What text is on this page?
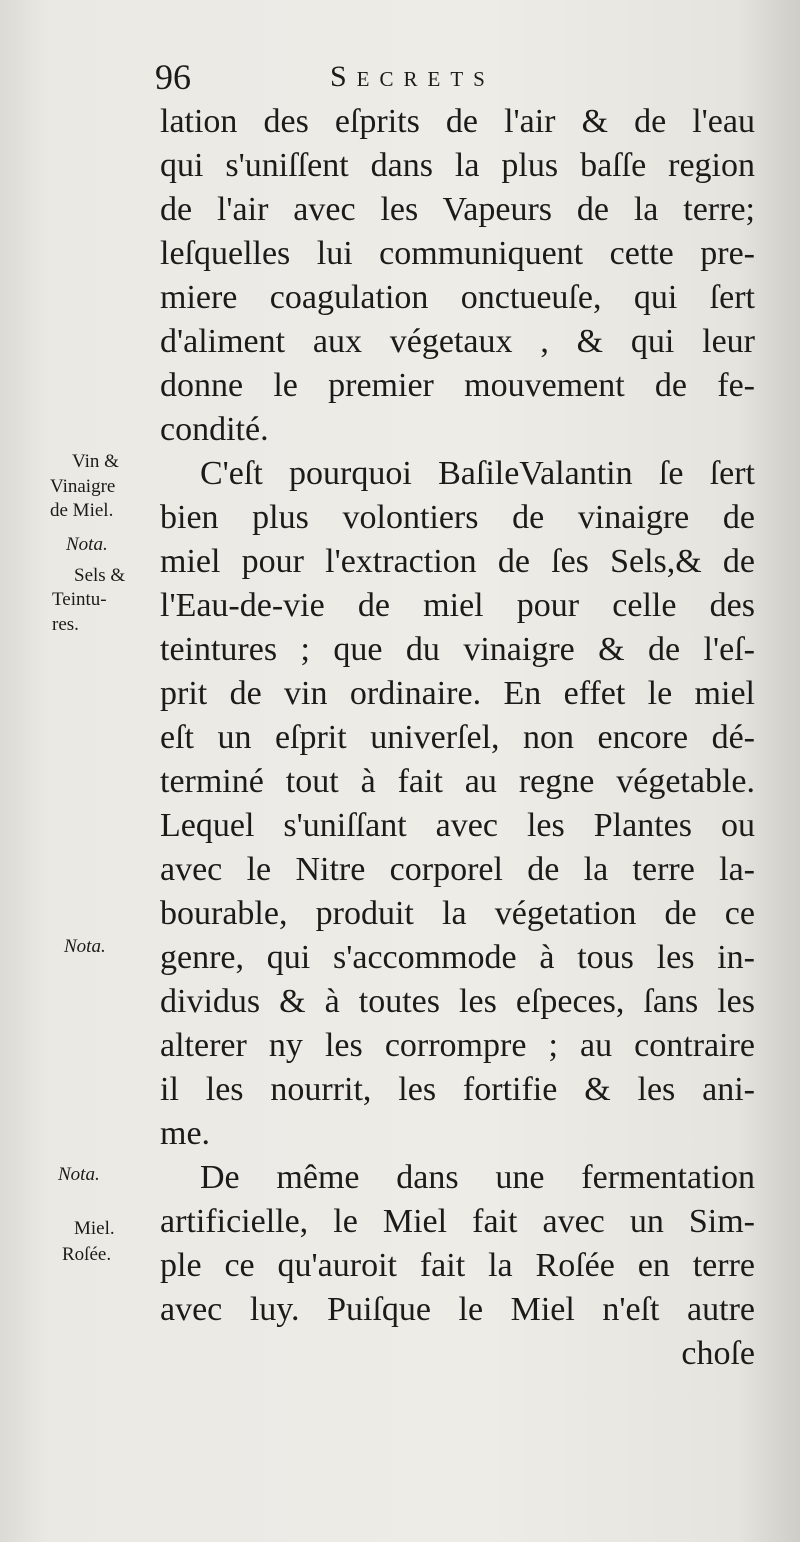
96	Secrets
lation des eſprits de l'air & de l'eau
qui s'uniſſent dans la plus baſſe region
de l'air avec les Vapeurs de la terre;
leſquelles lui communiquent cette pre-
miere coagulation onctueuſe, qui ſert
d'aliment aux végetaux , & qui leur
donne le premier mouvement de fe-
condité.
C'eſt pourquoi BaſileValantin ſe ſert
bien plus volontiers de vinaigre de
miel pour l'extraction de ſes Sels,& de
l'Eau-de-vie de miel pour celle des
teintures ; que du vinaigre & de l'eſ-
prit de vin ordinaire. En effet le miel
eſt un eſprit univerſel, non encore dé-
terminé tout à fait au regne végetable.
Lequel s'uniſſant avec les Plantes ou
avec le Nitre corporel de la terre la-
bourable, produit la végetation de ce
genre, qui s'accommode à tous les in-
dividus & à toutes les eſpeces, ſans les
alterer ny les corrompre ; au contraire
il les nourrit, les fortifie & les ani-
me.
De même dans une fermentation
artificielle, le Miel fait avec un Sim-
ple ce qu'auroit fait la Roſée en terre
avec luy. Puiſque le Miel n'eſt autre
choſe
Vin &
Vinaigre
de Miel.
Nota.
Sels &
Teintu-
res.
Nota.
Nota.
Miel.
Roſée.
